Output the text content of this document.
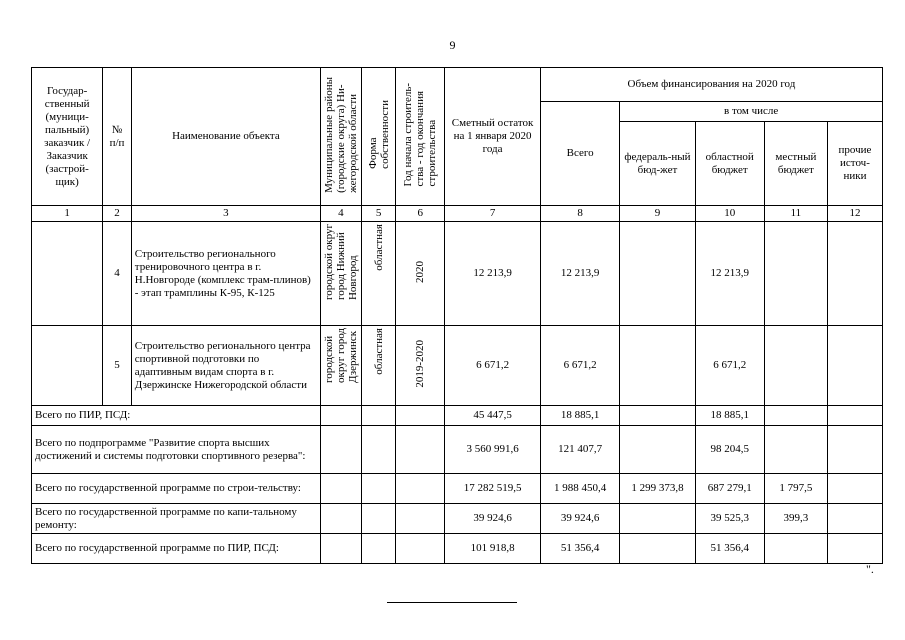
9
Государ-ственный (муници-пальный) заказчик / Заказчик (застрой-щик)	№ п/п	Наименование объекта	Муниципальные районы
(городские округа) Ни-
жегородской области	Форма
собственности	Год начала строитель-
ства - год окончания
строительства	Сметный остаток на 1 января 2020 года	Объем финансирования на 2020 год				
							Всего	в том числе			
								федераль-ный бюд-жет	областной бюджет	местный бюджет	прочие источ-ники
1	2	3	4	5	6	7	8	9	10	11	12
	4	Строительство регионального тренировочного центра в г. Н.Новгороде (комплекс трам-плинов) - этап трамплины К-95, К-125	городской округ
город Нижний
Новгород	областная	2020	12 213,9	12 213,9		12 213,9		
	5	Строительство регионального центра спортивной подготовки по адаптивным видам спорта в г. Дзержинске Нижегородской области	городской
округ город
Дзержинск	областная	2019-2020	6 671,2	6 671,2		6 671,2		
Всего по ПИР, ПСД:						45 447,5	18 885,1		18 885,1		
Всего по подпрограмме "Развитие спорта высших достижений и системы подготовки спортивного резерва":						3 560 991,6	121 407,7		98 204,5		
Всего по государственной программе по строи-тельству:						17 282 519,5	1 988 450,4	1 299 373,8	687 279,1	1 797,5	
Всего по государственной программе по капи-тальному ремонту:						39 924,6	39 924,6		39 525,3	399,3	
Всего по государственной программе по ПИР, ПСД:						101 918,8	51 356,4		51 356,4		
".
